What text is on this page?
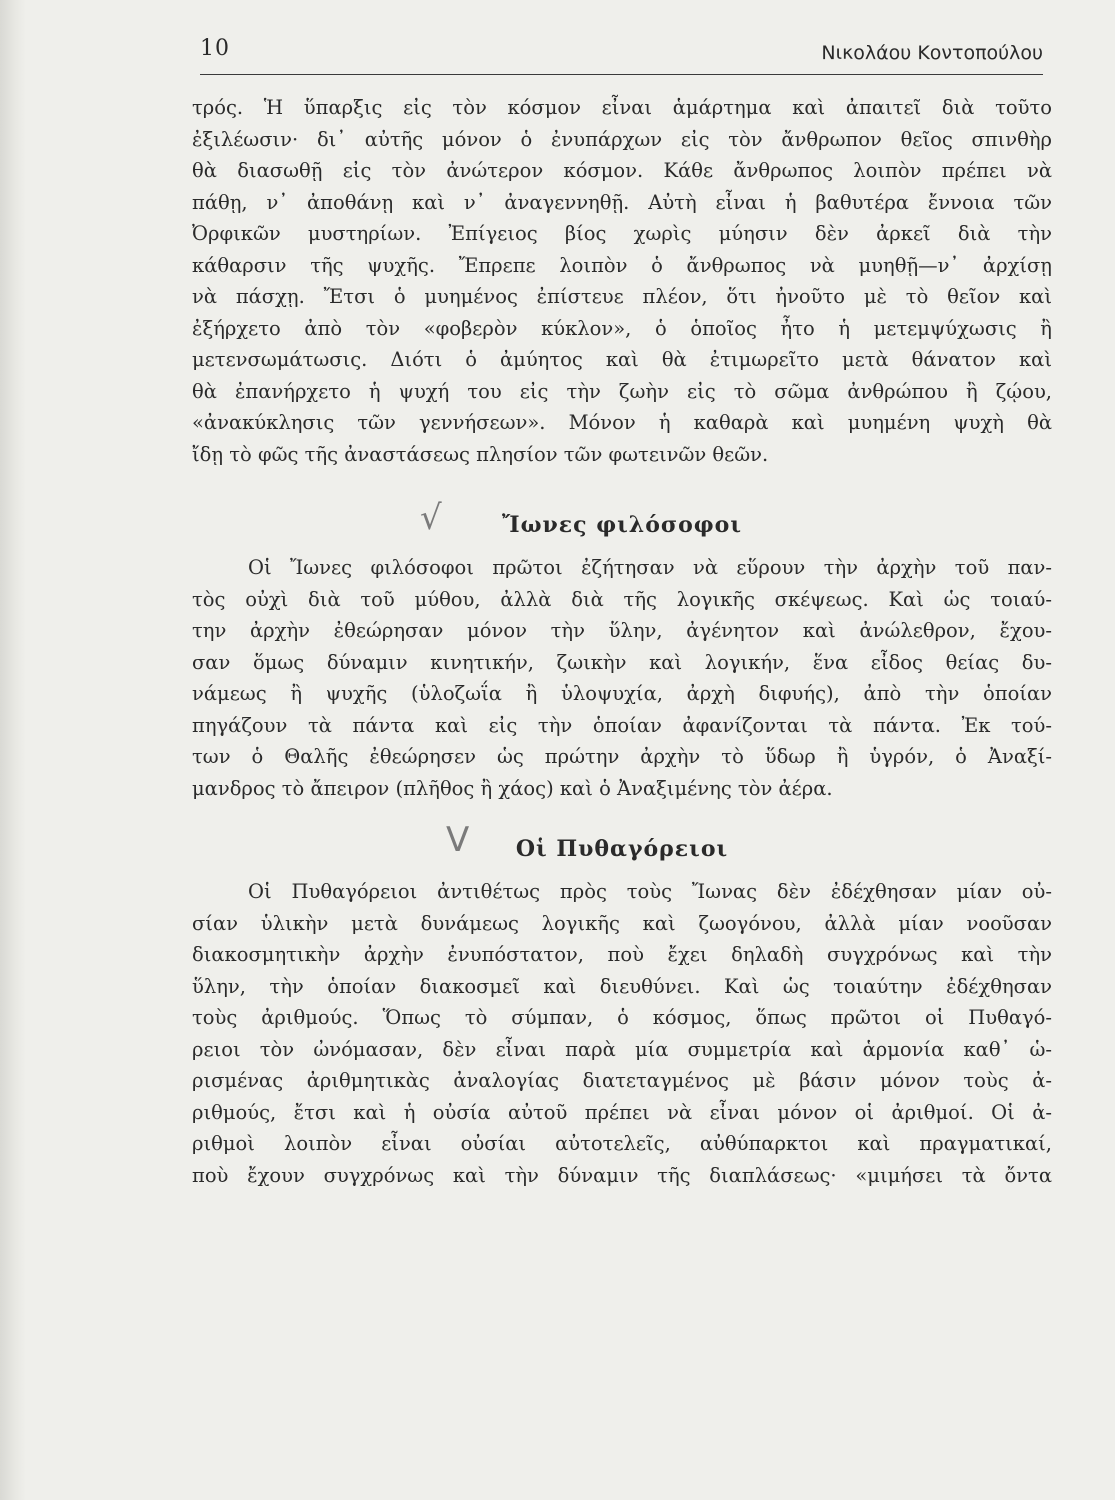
10	Νικολάου Κοντοπούλου

τρός. Ἡ ὕπαρξις εἰς τὸν κόσμον εἶναι ἁμάρτημα καὶ ἀπαιτεῖ διὰ τοῦτο
ἐξιλέωσιν· δι᾽ αὐτῆς μόνον ὁ ἐνυπάρχων εἰς τὸν ἄνθρωπον θεῖος σπινθὴρ
θὰ διασωθῇ εἰς τὸν ἀνώτερον κόσμον. Κάθε ἄνθρωπος λοιπὸν πρέπει νὰ
πάθῃ, ν᾽ ἀποθάνῃ καὶ ν᾽ ἀναγεννηθῇ. Αὐτὴ εἶναι ἡ βαθυτέρα ἔννοια τῶν
Ὀρφικῶν μυστηρίων. Ἐπίγειος βίος χωρὶς μύησιν δὲν ἀρκεῖ διὰ τὴν
κάθαρσιν τῆς ψυχῆς. Ἔπρεπε λοιπὸν ὁ ἄνθρωπος νὰ μυηθῇ—ν᾽ ἀρχίσῃ
νὰ πάσχῃ. Ἔτσι ὁ μυημένος ἐπίστευε πλέον, ὅτι ἠνοῦτο μὲ τὸ θεῖον καὶ
ἐξήρχετο ἀπὸ τὸν «φοβερὸν κύκλον», ὁ ὁποῖος ἦτο ἡ μετεμψύχωσις ἢ
μετενσωμάτωσις. Διότι ὁ ἀμύητος καὶ θὰ ἐτιμωρεῖτο μετὰ θάνατον καὶ
θὰ ἐπανήρχετο ἡ ψυχή του εἰς τὴν ζωὴν εἰς τὸ σῶμα ἀνθρώπου ἢ ζῴου,
«ἀνακύκλησις τῶν γεννήσεων». Μόνον ἡ καθαρὰ καὶ μυημένη ψυχὴ θὰ
ἴδῃ τὸ φῶς τῆς ἀναστάσεως πλησίον τῶν φωτεινῶν θεῶν.

√	Ἴωνες φιλόσοφοι

Οἱ Ἴωνες φιλόσοφοι πρῶτοι ἐζήτησαν νὰ εὕρουν τὴν ἀρχὴν τοῦ παν-
τὸς οὐχὶ διὰ τοῦ μύθου, ἀλλὰ διὰ τῆς λογικῆς σκέψεως. Καὶ ὡς τοιαύ-
την ἀρχὴν ἐθεώρησαν μόνον τὴν ὕλην, ἀγένητον καὶ ἀνώλεθρον, ἔχου-
σαν ὅμως δύναμιν κινητικήν, ζωικὴν καὶ λογικήν, ἕνα εἶδος θείας δυ-
νάμεως ἢ ψυχῆς (ὑλοζωΐα ἢ ὑλοψυχία, ἀρχὴ διφυής), ἀπὸ τὴν ὁποίαν
πηγάζουν τὰ πάντα καὶ εἰς τὴν ὁποίαν ἀφανίζονται τὰ πάντα. Ἐκ τού-
των ὁ Θαλῆς ἐθεώρησεν ὡς πρώτην ἀρχὴν τὸ ὕδωρ ἢ ὑγρόν, ὁ Ἀναξί-
μανδρος τὸ ἄπειρον (πλῆθος ἢ χάος) καὶ ὁ Ἀναξιμένης τὸν ἀέρα.

V Οἱ Πυθαγόρειοι

Οἱ Πυθαγόρειοι ἀντιθέτως πρὸς τοὺς Ἴωνας δὲν ἐδέχθησαν μίαν οὐ-
σίαν ὑλικὴν μετὰ δυνάμεως λογικῆς καὶ ζωογόνου, ἀλλὰ μίαν νοοῦσαν
διακοσμητικὴν ἀρχὴν ἐνυπόστατον, ποὺ ἔχει δηλαδὴ συγχρόνως καὶ τὴν
ὕλην, τὴν ὁποίαν διακοσμεῖ καὶ διευθύνει. Καὶ ὡς τοιαύτην ἐδέχθησαν
τοὺς ἀριθμούς. Ὅπως τὸ σύμπαν, ὁ κόσμος, ὅπως πρῶτοι οἱ Πυθαγό-
ρειοι τὸν ὠνόμασαν, δὲν εἶναι παρὰ μία συμμετρία καὶ ἁρμονία καθ᾽ ὡ-
ρισμένας ἀριθμητικὰς ἀναλογίας διατεταγμένος μὲ βάσιν μόνον τοὺς ἀ-
ριθμούς, ἔτσι καὶ ἡ οὐσία αὐτοῦ πρέπει νὰ εἶναι μόνον οἱ ἀριθμοί. Οἱ ἀ-
ριθμοὶ λοιπὸν εἶναι οὐσίαι αὐτοτελεῖς, αὐθύπαρκτοι καὶ πραγματικαί,
ποὺ ἔχουν συγχρόνως καὶ τὴν δύναμιν τῆς διαπλάσεως· «μιμήσει τὰ ὄντα
